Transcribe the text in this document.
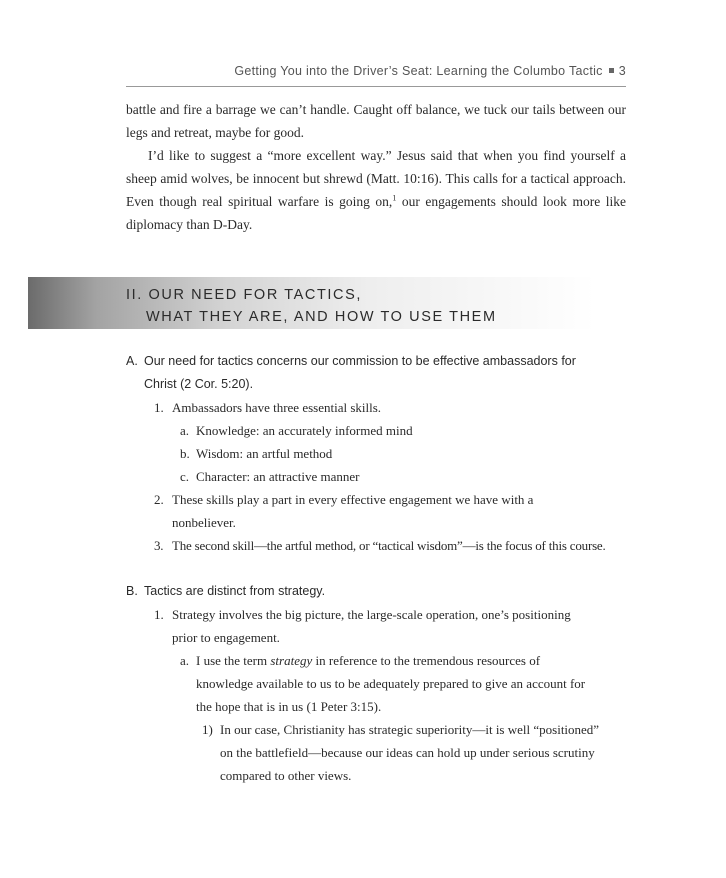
Getting You into the Driver’s Seat: Learning the Columbo Tactic 3

battle and fire a barrage we can’t handle. Caught off balance, we tuck our tails between our legs and retreat, maybe for good.

I’d like to suggest a “more excellent way.” Jesus said that when you find yourself a sheep amid wolves, be innocent but shrewd (Matt. 10:16). This calls for a tactical approach. Even though real spiritual warfare is going on,$^1$ our engagements should look more like diplomacy than D-Day.

II. OUR NEED FOR TACTICS,
WHAT THEY ARE, AND HOW TO USE THEM
A. Our need for tactics concerns our commission to be effective ambassadors for
Christ (2 Cor. 5:20).
1. Ambassadors have three essential skills.
a. Knowledge: an accurately informed mind
b. Wisdom: an artful method
c. Character: an attractive manner
2. These skills play a part in every effective engagement we have with a
nonbeliever.
3. The second skill—the artful method, or “tactical wisdom”—is the focus of this course.
B. Tactics are distinct from strategy.
1. Strategy involves the big picture, the large-scale operation, one’s positioning
prior to engagement.
a. I use the term strategy in reference to the tremendous resources of
knowledge available to us to be adequately prepared to give an account for
the hope that is in us (1 Peter 3:15).
1) In our case, Christianity has strategic superiority—it is well “positioned”
on the battlefield—because our ideas can hold up under serious scrutiny
compared to other views.
